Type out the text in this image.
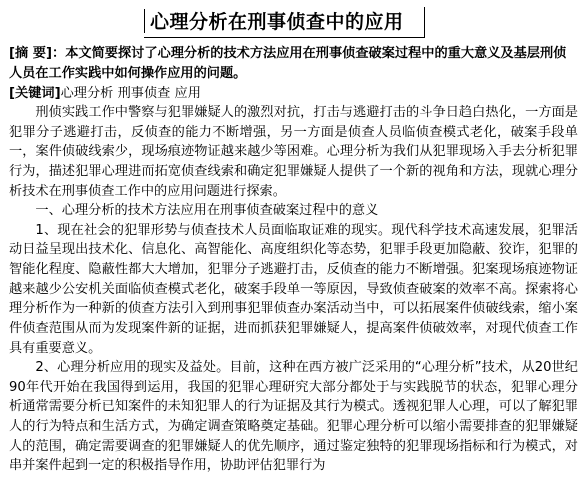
心理分析在刑事侦查中的应用
[摘 要]：本文简要探讨了心理分析的技术方法应用在刑事侦查破案过程中的重大意义及基层刑侦人员在工作实践中如何操作应用的问题。
[关键词]心理分析 刑事侦查 应用

刑侦实践工作中警察与犯罪嫌疑人的激烈对抗，打击与逃避打击的斗争日趋白热化，一方面是犯罪分子逃避打击，反侦查的能力不断增强，另一方面是侦查人员临侦查模式老化，破案手段单一，案件侦破线索少，现场痕迹物证越来越少等困难。心理分析为我们从犯罪现场入手去分析犯罪行为，描述犯罪心理进而拓宽侦查线索和确定犯罪嫌疑人提供了一个新的视角和方法，现就心理分析技术在刑事侦查工作中的应用问题进行探索。

一、心理分析的技术方法应用在刑事侦查破案过程中的意义

1、现在社会的犯罪形势与侦查技术人员面临取证难的现实。现代科学技术高速发展，犯罪活动日益呈现出技术化、信息化、高智能化、高度组织化等态势，犯罪手段更加隐蔽、狡诈，犯罪的智能化程度、隐蔽性都大大增加，犯罪分子逃避打击，反侦查的能力不断增强。犯案现场痕迹物证越来越少公安机关面临侦查模式老化，破案手段单一等原因，导致侦查破案的效率不高。探索将心理分析作为一种新的侦查方法引入到刑事犯罪侦查办案活动当中，可以拓展案件侦破线索，缩小案件侦查范围从而为发现案件新的证据，进而抓获犯罪嫌疑人，提高案件侦破效率，对现代侦查工作具有重要意义。

2、心理分析应用的现实及益处。目前，这种在西方被广泛采用的“心理分析”技术，从20世纪90年代开始在我国得到运用，我国的犯罪心理研究大部分都处于与实践脱节的状态，犯罪心理分析通常需要分析已知案件的未知犯罪人的行为证据及其行为模式。透视犯罪人心理，可以了解犯罪人的行为特点和生活方式，为确定调查策略奠定基础。犯罪心理分析可以缩小需要排查的犯罪嫌疑人的范围，确定需要调查的犯罪嫌疑人的优先顺序，通过鉴定独特的犯罪现场指标和行为模式，对串并案件起到一定的积极指导作用，协助评估犯罪行为
